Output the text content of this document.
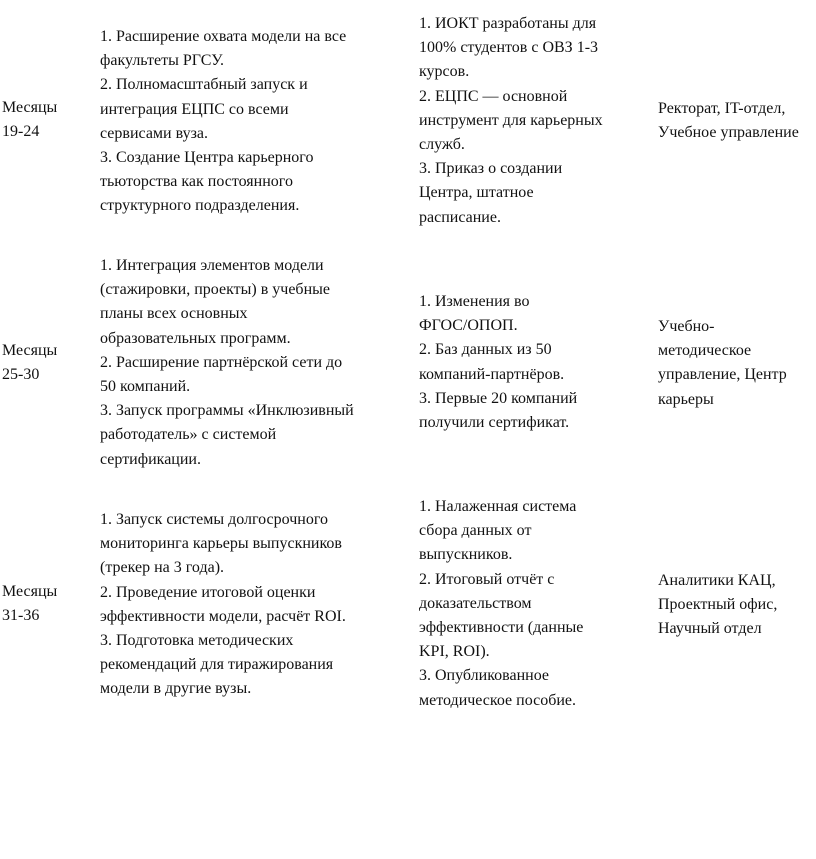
Месяцы
19-24
1. Расширение охвата модели на все
факультеты РГСУ.
2. Полномасштабный запуск и
интеграция ЕЦПС со всеми
сервисами вуза.
3. Создание Центра карьерного
тьюторства как постоянного
структурного подразделения.
1. ИОКТ разработаны для
100% студентов с ОВЗ 1-3
курсов.
2. ЕЦПС — основной
инструмент для карьерных
служб.
3. Приказ о создании
Центра, штатное
расписание.
Ректорат, IT-отдел,
Учебное управление
Месяцы
25-30
1. Интеграция элементов модели
(стажировки, проекты) в учебные
планы всех основных
образовательных программ.
2. Расширение партнёрской сети до
50 компаний.
3. Запуск программы «Инклюзивный
работодатель» с системой
сертификации.
1. Изменения во
ФГОС/ОПОП.
2. Баз данных из 50
компаний-партнёров.
3. Первые 20 компаний
получили сертификат.
Учебно-
методическое
управление, Центр
карьеры
Месяцы
31-36
1. Запуск системы долгосрочного
мониторинга карьеры выпускников
(трекер на 3 года).
2. Проведение итоговой оценки
эффективности модели, расчёт ROI.
3. Подготовка методических
рекомендаций для тиражирования
модели в другие вузы.
1. Налаженная система
сбора данных от
выпускников.
2. Итоговый отчёт с
доказательством
эффективности (данные
KPI, ROI).
3. Опубликованное
методическое пособие.
Аналитики КАЦ,
Проектный офис,
Научный отдел
